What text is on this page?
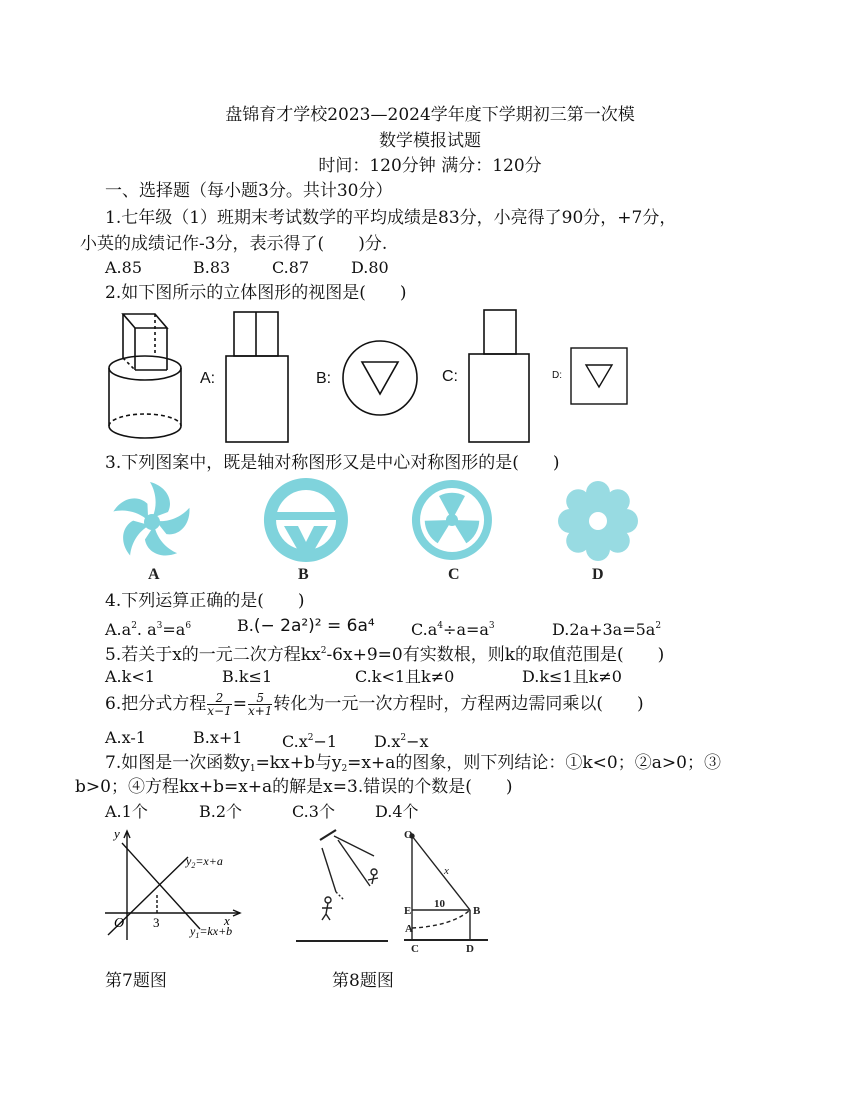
盘锦育才学校2023—2024学年度下学期初三第一次模
数学模报试题
时间：120分钟 满分：120分
一、选择题（每小题3分。共计30分）
1.七年级（1）班期末考试数学的平均成绩是83分，小亮得了90分，+7分，
小英的成绩记作-3分，表示得了(　　)分.
A.85	B.83	C.87	D.80
2.如下图所示的立体图形的视图是(　　)
A:	B:	C:	D:
3.下列图案中，既是轴对称图形又是中心对称图形的是(　　)
A	B	C	D
4.下列运算正确的是(　　)
$A.a^2$. $a^3=a^6$	B.(− 2a²)² = 6a⁴ $C.a^4\div a=a^3$	$D.2a+3a=5a^2$
5.若关于x的一元二次方程$kx^2-6x+9=0$有实数根，则k的取值范围是(　　)
A.k<1	B.k≤1	C.k<1且k≠0	D.k≤1且k≠0
6.把分式方程 $\frac{2}{x-1} = \frac{5}{x+1}$ 转化为一元一次方程时，方程两边需同乘以(　　)
A.x-1	B.x+1 $C.x^2-1$ $D.x^2-x$
7.如图是一次函数$y_1=kx+b$与$y_2=x+a$的图象，则下列结论：①k<0；②a>0；③
b>0；④方程kx+b=x+a的解是x=3.错误的个数是(　　)
A.1个	B.2个	C.3个	D.4个
y
x
O 3
$y_2=x+a$
$y_1=kx+b$
O
E	B
A
C	D
10
x
第7题图	第8题图
